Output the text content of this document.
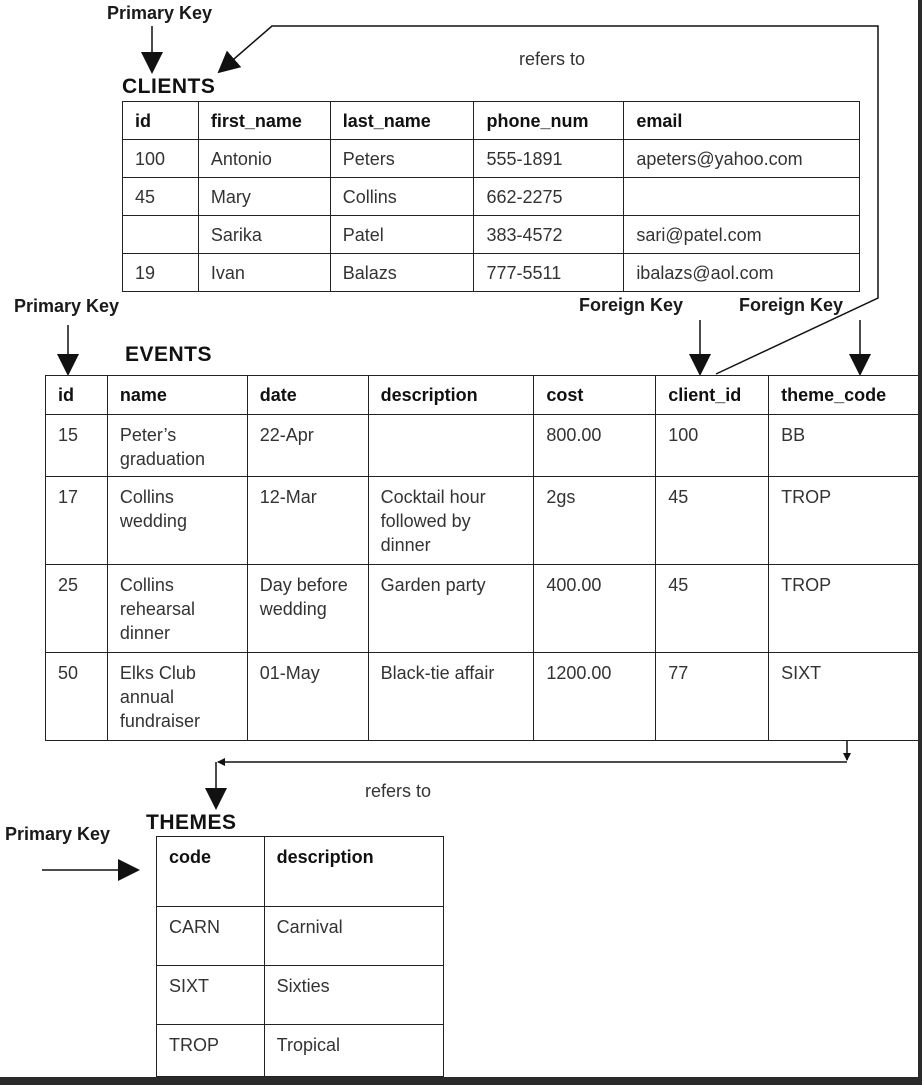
Primary Key
refers to
CLIENTS
Primary Key	Foreign Key	Foreign Key
EVENTS
refers to
Primary Key THEMES
id	first_name	last_name	phone_num	email
100	Antonio	Peters	555-1891	apeters@yahoo.com
45	Mary	Collins	662-2275	
	Sarika	Patel	383-4572	sari@patel.com
19	Ivan	Balazs	777-5511	ibalazs@aol.com
id	name	date	description	cost	client_id	theme_code
15	Peter’s graduation	22-Apr		800.00	100	BB
17	Collins wedding	12-Mar	Cocktail hour followed by dinner	2gs	45	TROP
25	Collins rehearsal dinner	Day before wedding	Garden party	400.00	45	TROP
50	Elks Club annual fundraiser	01-May	Black-tie affair	1200.00	77	SIXT
code	description
CARN	Carnival
SIXT	Sixties
TROP	Tropical
